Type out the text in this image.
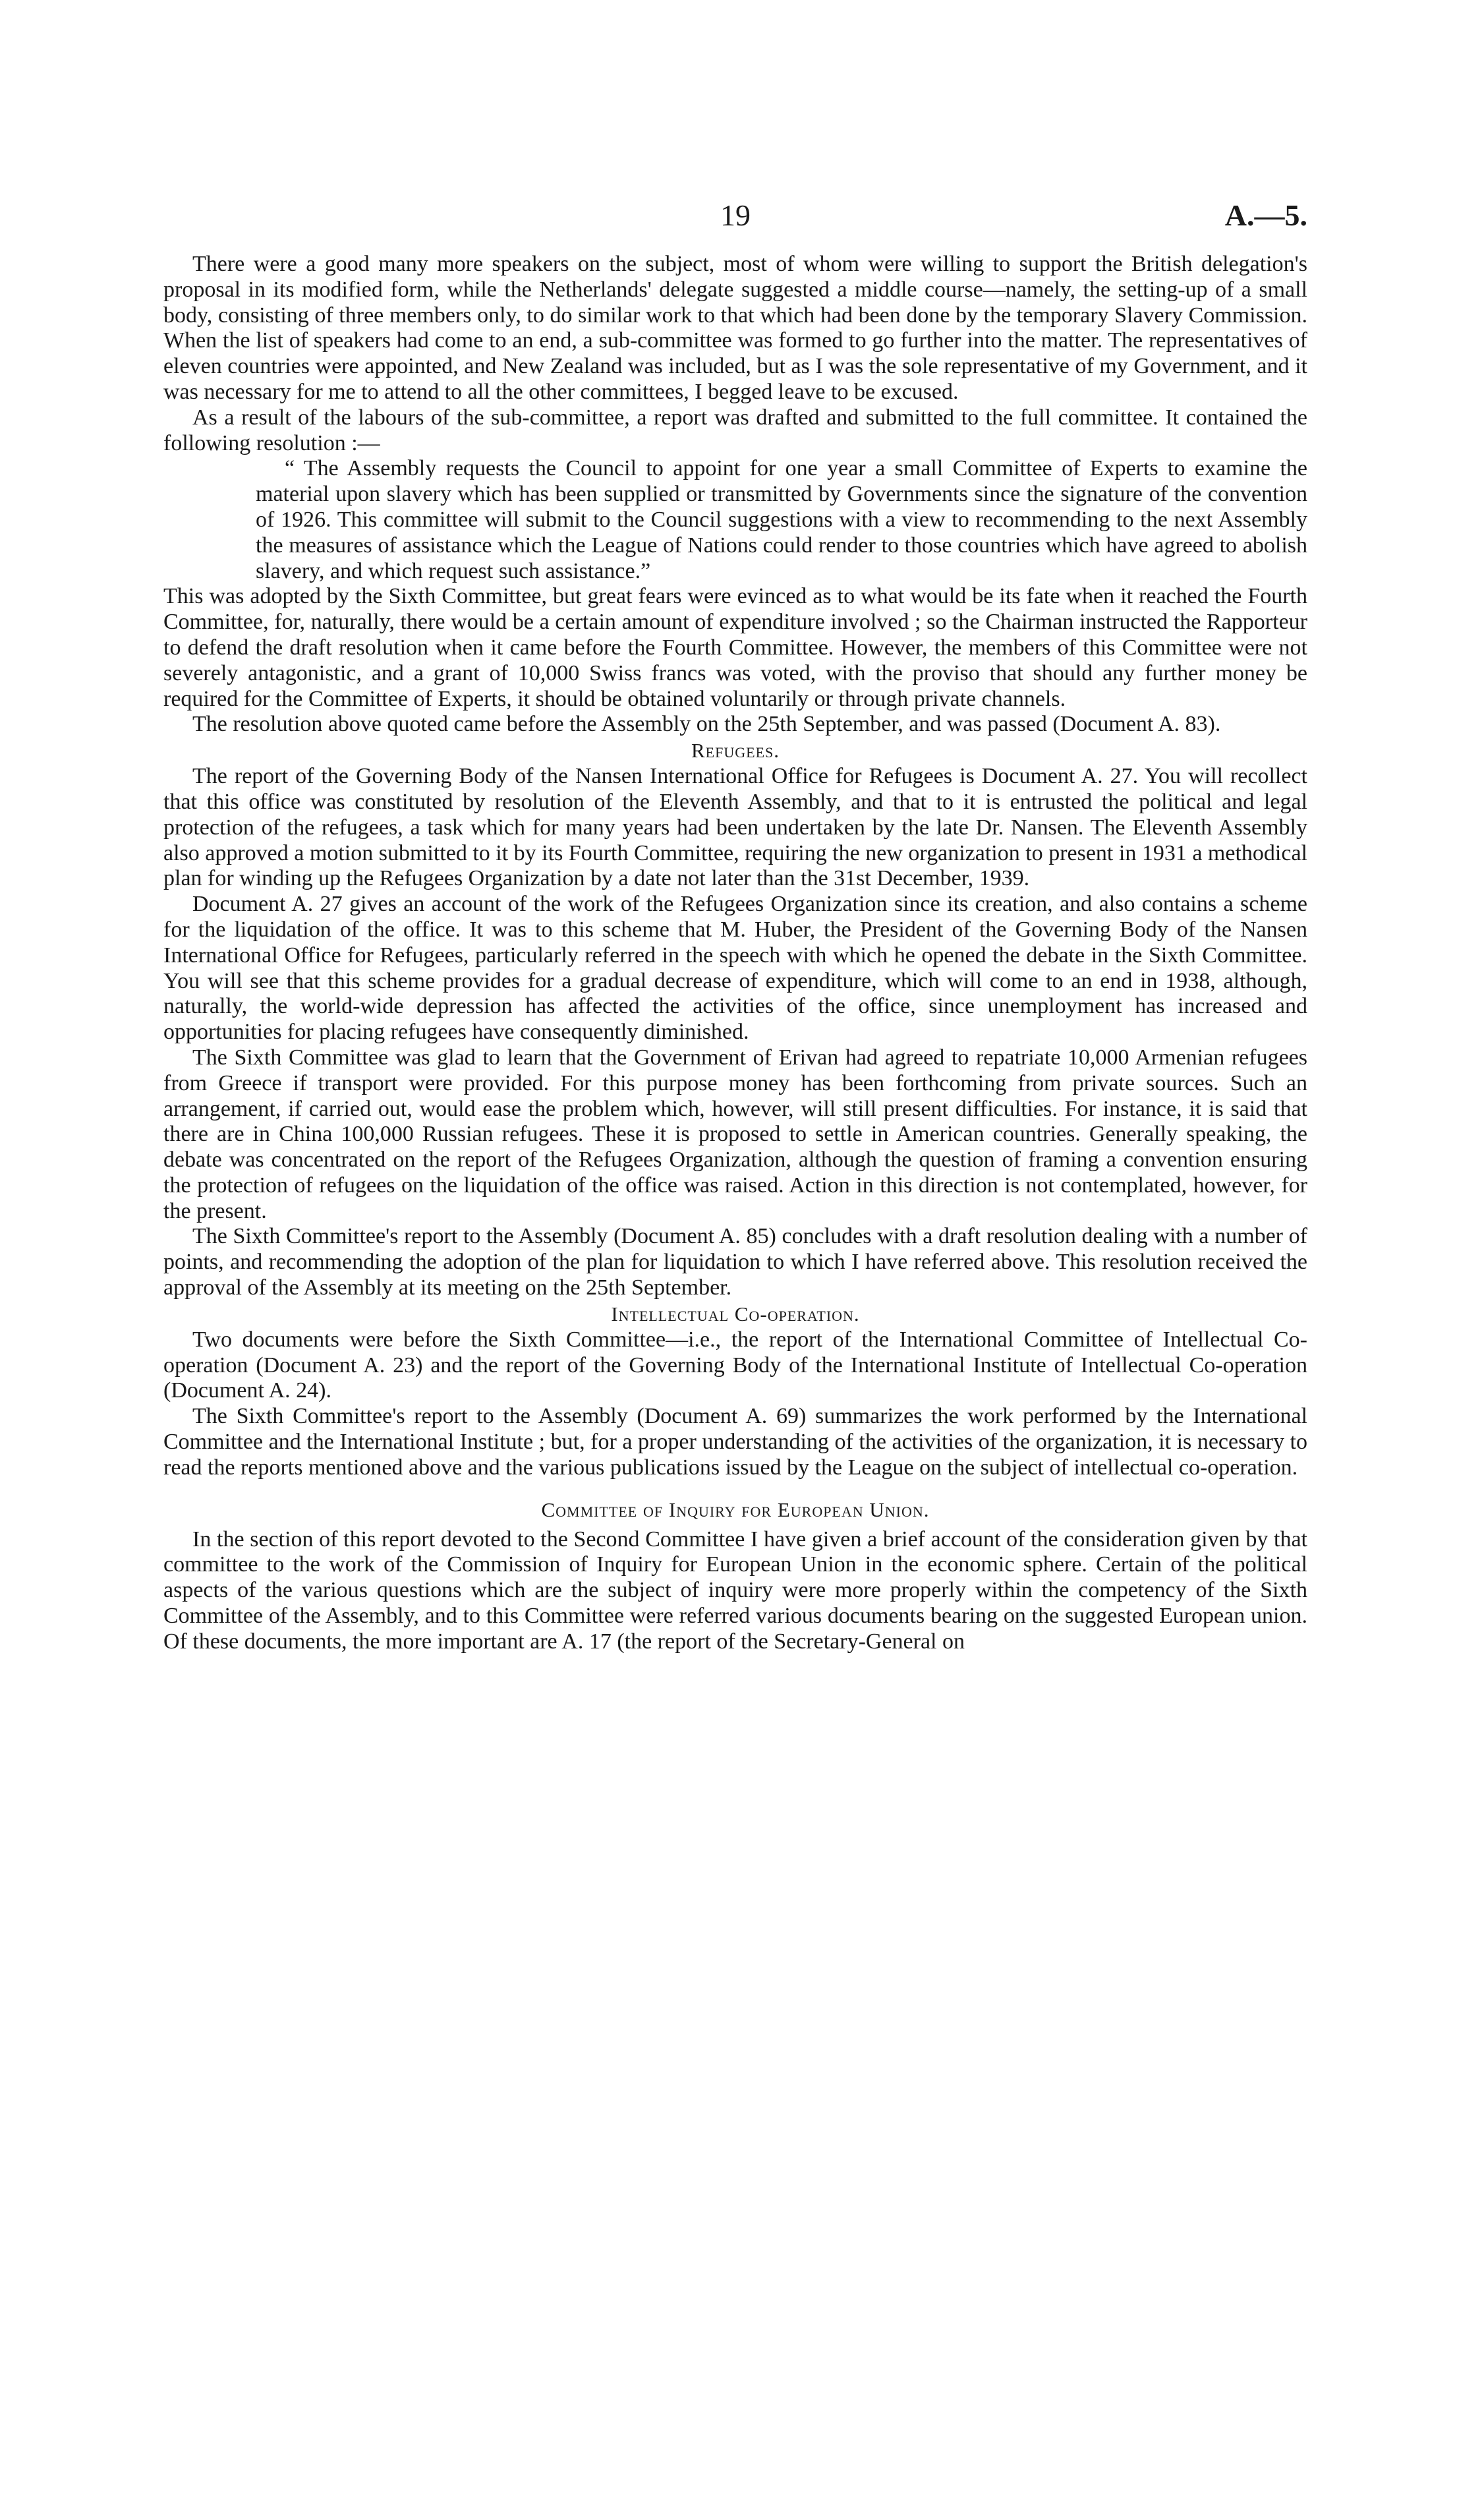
19	A.—5.

There were a good many more speakers on the subject, most of whom were willing to support the British delegation's proposal in its modified form, while the Netherlands' delegate suggested a middle course—namely, the setting-up of a small body, consisting of three members only, to do similar work to that which had been done by the temporary Slavery Commission. When the list of speakers had come to an end, a sub-committee was formed to go further into the matter. The representatives of eleven countries were appointed, and New Zealand was included, but as I was the sole representative of my Government, and it was necessary for me to attend to all the other committees, I begged leave to be excused.

As a result of the labours of the sub-committee, a report was drafted and submitted to the full committee. It contained the following resolution :—

“ The Assembly requests the Council to appoint for one year a small Committee of Experts to examine the material upon slavery which has been supplied or transmitted by Governments since the signature of the convention of 1926. This committee will submit to the Council suggestions with a view to recommending to the next Assembly the measures of assistance which the League of Nations could render to those countries which have agreed to abolish slavery, and which request such assistance.”

This was adopted by the Sixth Committee, but great fears were evinced as to what would be its fate when it reached the Fourth Committee, for, naturally, there would be a certain amount of expenditure involved ; so the Chairman instructed the Rapporteur to defend the draft resolution when it came before the Fourth Committee. However, the members of this Committee were not severely antagonistic, and a grant of 10,000 Swiss francs was voted, with the proviso that should any further money be required for the Committee of Experts, it should be obtained voluntarily or through private channels.

The resolution above quoted came before the Assembly on the 25th September, and was passed (Document A. 83).

Refugees.

The report of the Governing Body of the Nansen International Office for Refugees is Document A. 27. You will recollect that this office was constituted by resolution of the Eleventh Assembly, and that to it is entrusted the political and legal protection of the refugees, a task which for many years had been undertaken by the late Dr. Nansen. The Eleventh Assembly also approved a motion submitted to it by its Fourth Committee, requiring the new organization to present in 1931 a methodical plan for winding up the Refugees Organization by a date not later than the 31st December, 1939.

Document A. 27 gives an account of the work of the Refugees Organization since its creation, and also contains a scheme for the liquidation of the office. It was to this scheme that M. Huber, the President of the Governing Body of the Nansen International Office for Refugees, particularly referred in the speech with which he opened the debate in the Sixth Committee. You will see that this scheme provides for a gradual decrease of expenditure, which will come to an end in 1938, although, naturally, the world-wide depression has affected the activities of the office, since unemployment has increased and opportunities for placing refugees have consequently diminished.

The Sixth Committee was glad to learn that the Government of Erivan had agreed to repatriate 10,000 Armenian refugees from Greece if transport were provided. For this purpose money has been forthcoming from private sources. Such an arrangement, if carried out, would ease the problem which, however, will still present difficulties. For instance, it is said that there are in China 100,000 Russian refugees. These it is proposed to settle in American countries. Generally speaking, the debate was concentrated on the report of the Refugees Organization, although the question of framing a convention ensuring the protection of refugees on the liquidation of the office was raised. Action in this direction is not contemplated, however, for the present.

The Sixth Committee's report to the Assembly (Document A. 85) concludes with a draft resolution dealing with a number of points, and recommending the adoption of the plan for liquidation to which I have referred above. This resolution received the approval of the Assembly at its meeting on the 25th September.

Intellectual Co-operation.

Two documents were before the Sixth Committee—i.e., the report of the International Committee of Intellectual Co-operation (Document A. 23) and the report of the Governing Body of the International Institute of Intellectual Co-operation (Document A. 24).

The Sixth Committee's report to the Assembly (Document A. 69) summarizes the work performed by the International Committee and the International Institute ; but, for a proper understanding of the activities of the organization, it is necessary to read the reports mentioned above and the various publications issued by the League on the subject of intellectual co-operation.

Committee of Inquiry for European Union.

In the section of this report devoted to the Second Committee I have given a brief account of the consideration given by that committee to the work of the Commission of Inquiry for European Union in the economic sphere. Certain of the political aspects of the various questions which are the subject of inquiry were more properly within the competency of the Sixth Committee of the Assembly, and to this Committee were referred various documents bearing on the suggested European union. Of these documents, the more important are A. 17 (the report of the Secretary-General on
